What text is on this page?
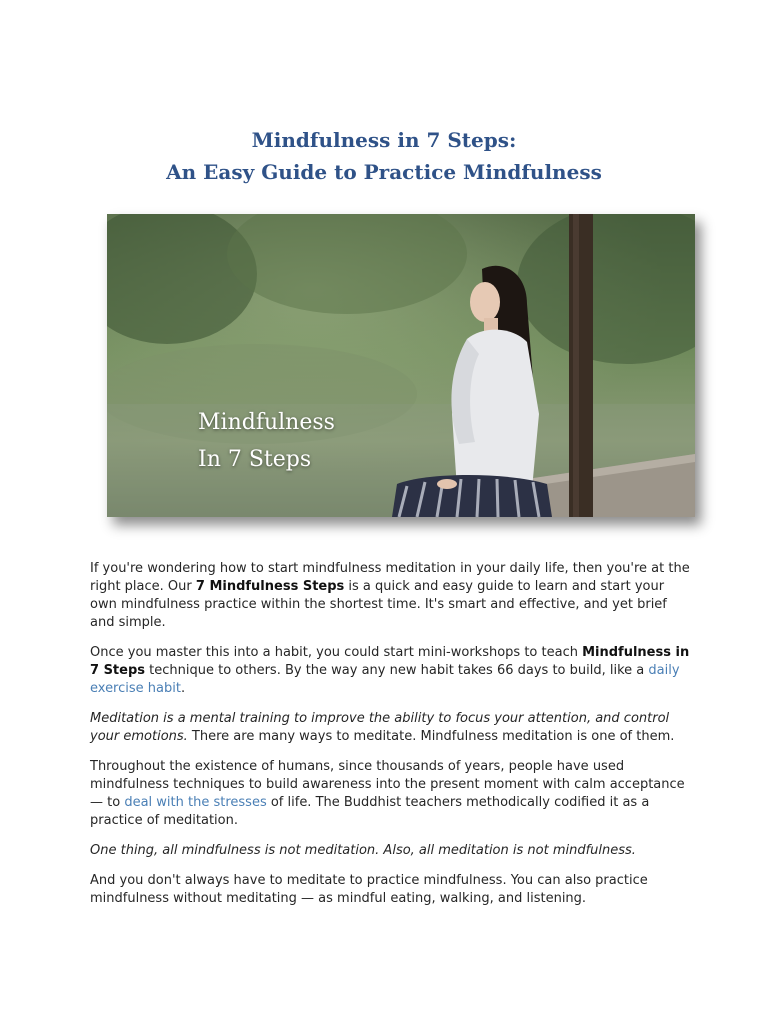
Mindfulness in 7 Steps:
An Easy Guide to Practice Mindfulness
Mindfulness
In 7 Steps

If you're wondering how to start mindfulness meditation in your daily life, then you're at the right place. Our 7 Mindfulness Steps is a quick and easy guide to learn and start your own mindfulness practice within the shortest time. It's smart and effective, and yet brief and simple.

Once you master this into a habit, you could start mini-workshops to teach Mindfulness in 7 Steps technique to others. By the way any new habit takes 66 days to build, like a daily exercise habit.

Meditation is a mental training to improve the ability to focus your attention, and control your emotions. There are many ways to meditate. Mindfulness meditation is one of them.

Throughout the existence of humans, since thousands of years, people have used mindfulness techniques to build awareness into the present moment with calm acceptance — to deal with the stresses of life. The Buddhist teachers methodically codified it as a practice of meditation.

One thing, all mindfulness is not meditation. Also, all meditation is not mindfulness.

And you don't always have to meditate to practice mindfulness. You can also practice mindfulness without meditating — as mindful eating, walking, and listening.
